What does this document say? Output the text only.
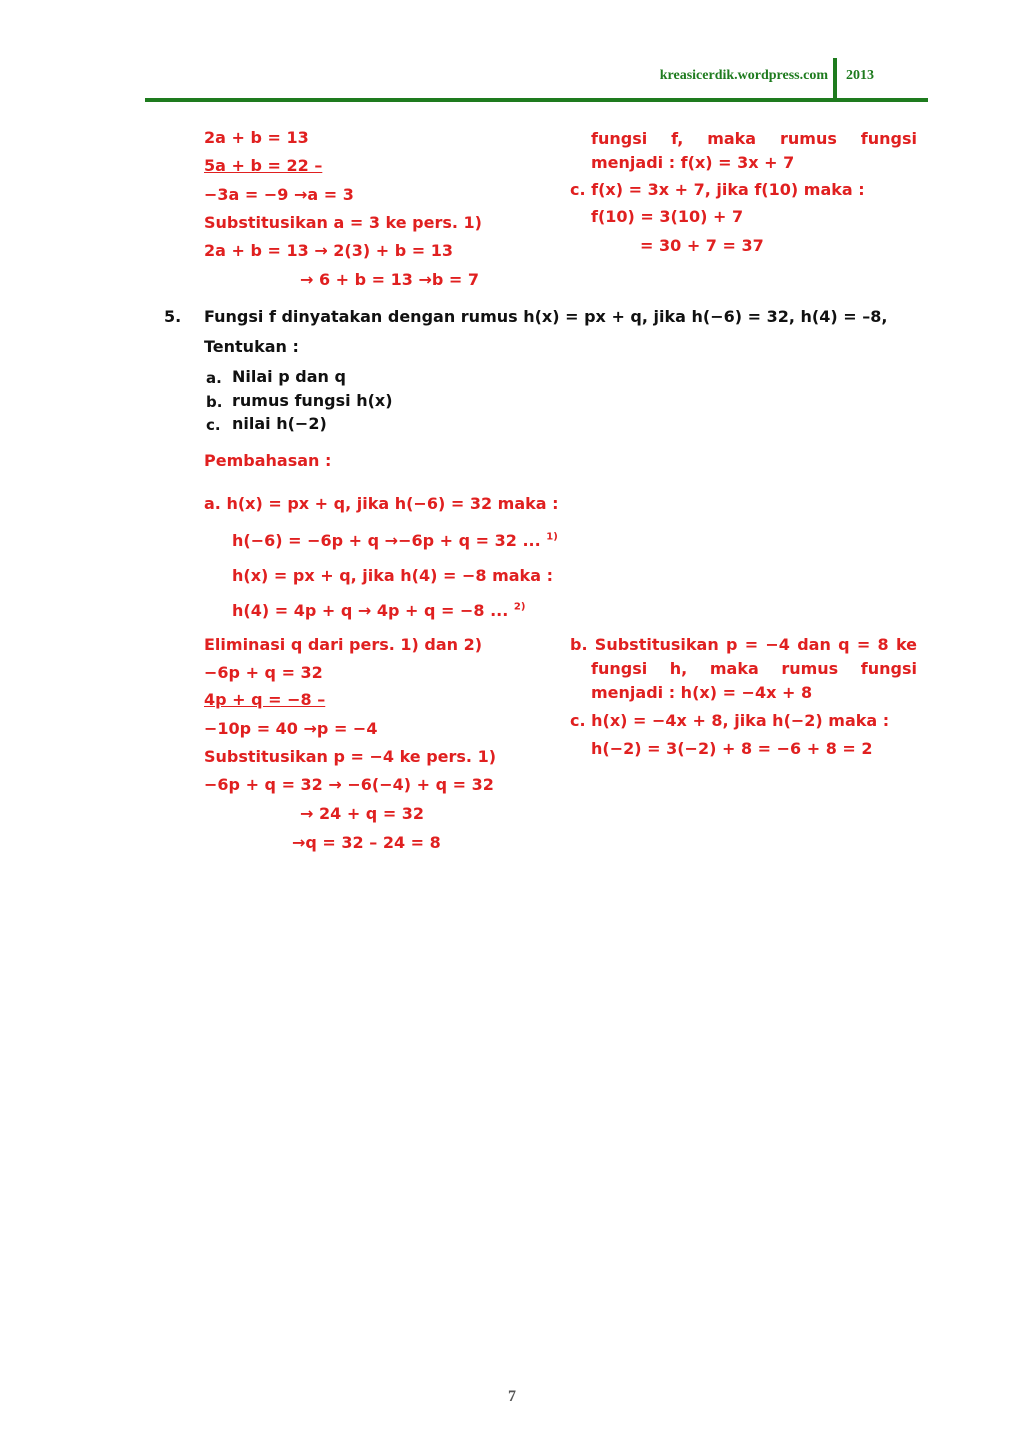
kreasicerdik.wordpress.com 2013
2a + b = 13
5a + b = 22 –
−3a = −9 →a = 3
Substitusikan a = 3 ke pers. 1)
2a + b = 13 → 2(3) + b = 13
→ 6 + b = 13 →b = 7
fungsi f, maka rumus fungsi
menjadi : f(x) = 3x + 7
c. f(x) = 3x + 7, jika f(10) maka :
f(10) = 3(10) + 7
= 30 + 7 = 37
5. Fungsi f dinyatakan dengan rumus h(x) = px + q, jika h(−6) = 32, h(4) = –8,
Tentukan :
a. Nilai p dan q
b. rumus fungsi h(x)
c. nilai h(−2)
Pembahasan :
a. h(x) = px + q, jika h(−6) = 32 maka :
h(−6) = −6p + q →−6p + q = 32 ... $^{1)}$
h(x) = px + q, jika h(4) = −8 maka :
h(4) = 4p + q → 4p + q = −8 ... $^{2)}$
Eliminasi q dari pers. 1) dan 2)
−6p + q = 32
4p + q = −8 –
−10p = 40 →p = −4
Substitusikan p = −4 ke pers. 1)
−6p + q = 32 → −6(−4) + q = 32
→ 24 + q = 32
→q = 32 – 24 = 8
b. Substitusikan p = −4 dan q = 8 ke
fungsi h, maka rumus fungsi
menjadi : h(x) = −4x + 8
c. h(x) = −4x + 8, jika h(−2) maka :
h(−2) = 3(−2) + 8 = −6 + 8 = 2
7
